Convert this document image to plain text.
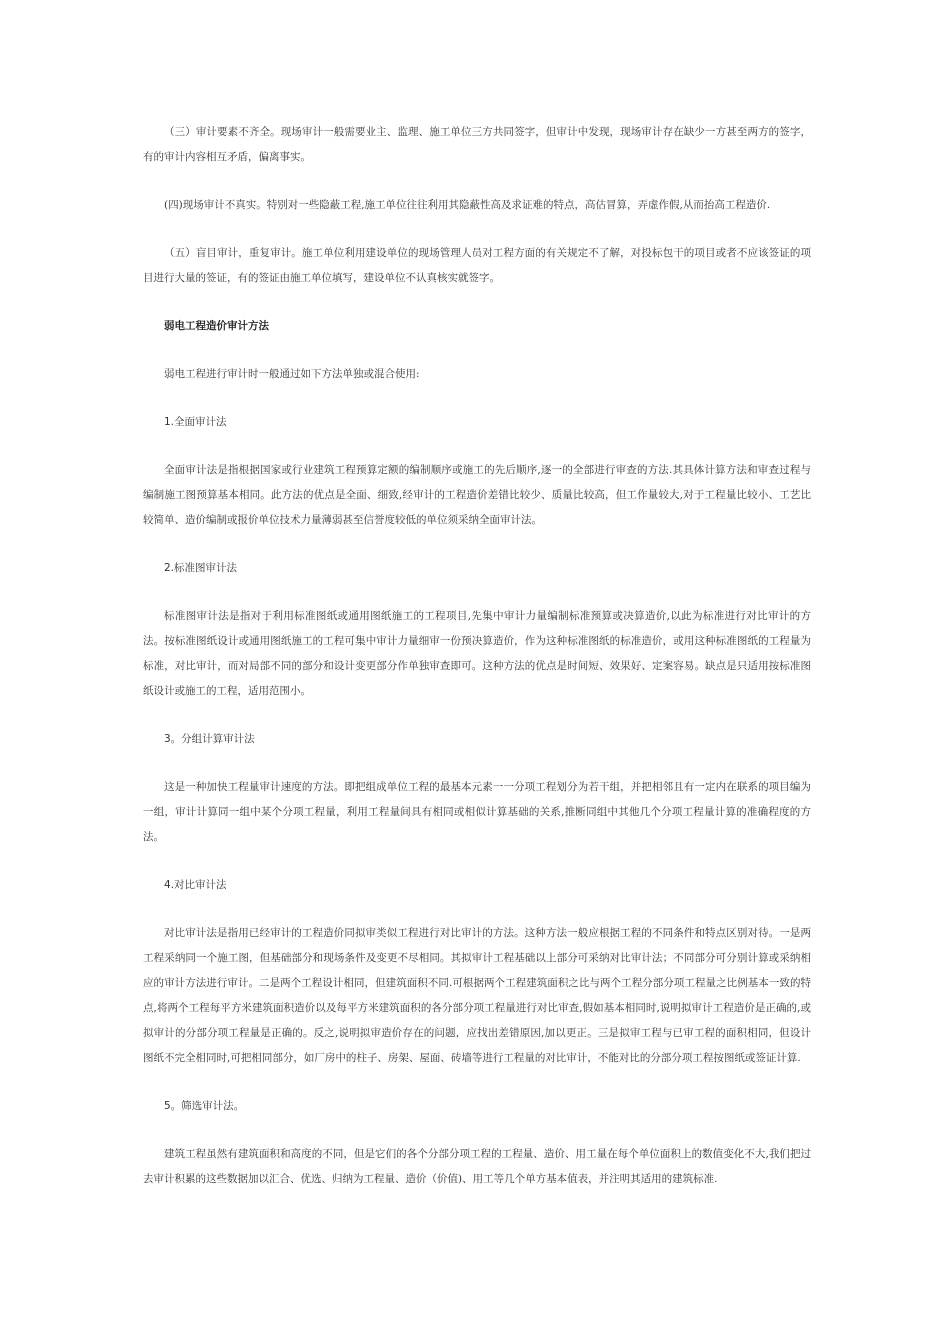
（三）审计要素不齐全。现场审计一般需要业主、监理、施工单位三方共同签字，但审计中发现，现场审计存在缺少一方甚至两方的签字，有的审计内容相互矛盾，偏离事实。

(四)现场审计不真实。特别对一些隐蔽工程,施工单位往往利用其隐蔽性高及求证难的特点，高估冒算，弄虚作假,从而抬高工程造价.

（五）盲目审计，重复审计。施工单位利用建设单位的现场管理人员对工程方面的有关规定不了解，对投标包干的项目或者不应该签证的项目进行大量的签证，有的签证由施工单位填写，建设单位不认真核实就签字。

弱电工程造价审计方法

弱电工程进行审计时一般通过如下方法单独或混合使用:

1.全面审计法

全面审计法是指根据国家或行业建筑工程预算定额的编制顺序或施工的先后顺序,逐一的全部进行审查的方法.其具体计算方法和审查过程与编制施工图预算基本相同。此方法的优点是全面、细致,经审计的工程造价差错比较少、质量比较高，但工作量较大,对于工程量比较小、工艺比较简单、造价编制或报价单位技术力量薄弱甚至信誉度较低的单位须采纳全面审计法。

2.标准图审计法

标准图审计法是指对于利用标准图纸或通用图纸施工的工程项目,先集中审计力量编制标准预算或决算造价,以此为标准进行对比审计的方法。按标准图纸设计或通用图纸施工的工程可集中审计力量细审一份预决算造价，作为这种标准图纸的标准造价，或用这种标准图纸的工程量为标准，对比审计，而对局部不同的部分和设计变更部分作单独审查即可。这种方法的优点是时间短、效果好、定案容易。缺点是只适用按标准图纸设计或施工的工程，适用范围小。

3。分组计算审计法

这是一种加快工程量审计速度的方法。即把组成单位工程的最基本元素一一分项工程划分为若干组，并把相邻且有一定内在联系的项目编为一组，审计计算同一组中某个分项工程量，利用工程量间具有相同或相似计算基础的关系,推断同组中其他几个分项工程量计算的准确程度的方法。

4.对比审计法

对比审计法是指用已经审计的工程造价同拟审类似工程进行对比审计的方法。这种方法一般应根据工程的不同条件和特点区别对待。一是两工程采纳同一个施工图，但基础部分和现场条件及变更不尽相同。其拟审计工程基础以上部分可采纳对比审计法；不同部分可分别计算或采纳相应的审计方法进行审计。二是两个工程设计相同，但建筑面积不同.可根据两个工程建筑面积之比与两个工程分部分项工程量之比例基本一致的特点,将两个工程每平方米建筑面积造价以及每平方米建筑面积的各分部分项工程量进行对比审查,假如基本相同时,说明拟审计工程造价是正确的,或拟审计的分部分项工程量是正确的。反之,说明拟审造价存在的问题，应找出差错原因,加以更正。三是拟审工程与已审工程的面积相同，但设计图纸不完全相同时,可把相同部分，如厂房中的柱子、房架、屋面、砖墙等进行工程量的对比审计，不能对比的分部分项工程按图纸或签证计算.

5。筛选审计法。

建筑工程虽然有建筑面积和高度的不同，但是它们的各个分部分项工程的工程量、造价、用工量在每个单位面积上的数值变化不大,我们把过去审计积累的这些数据加以汇合、优选、归纳为工程量、造价（价值)、用工等几个单方基本值表，并注明其适用的建筑标准.
